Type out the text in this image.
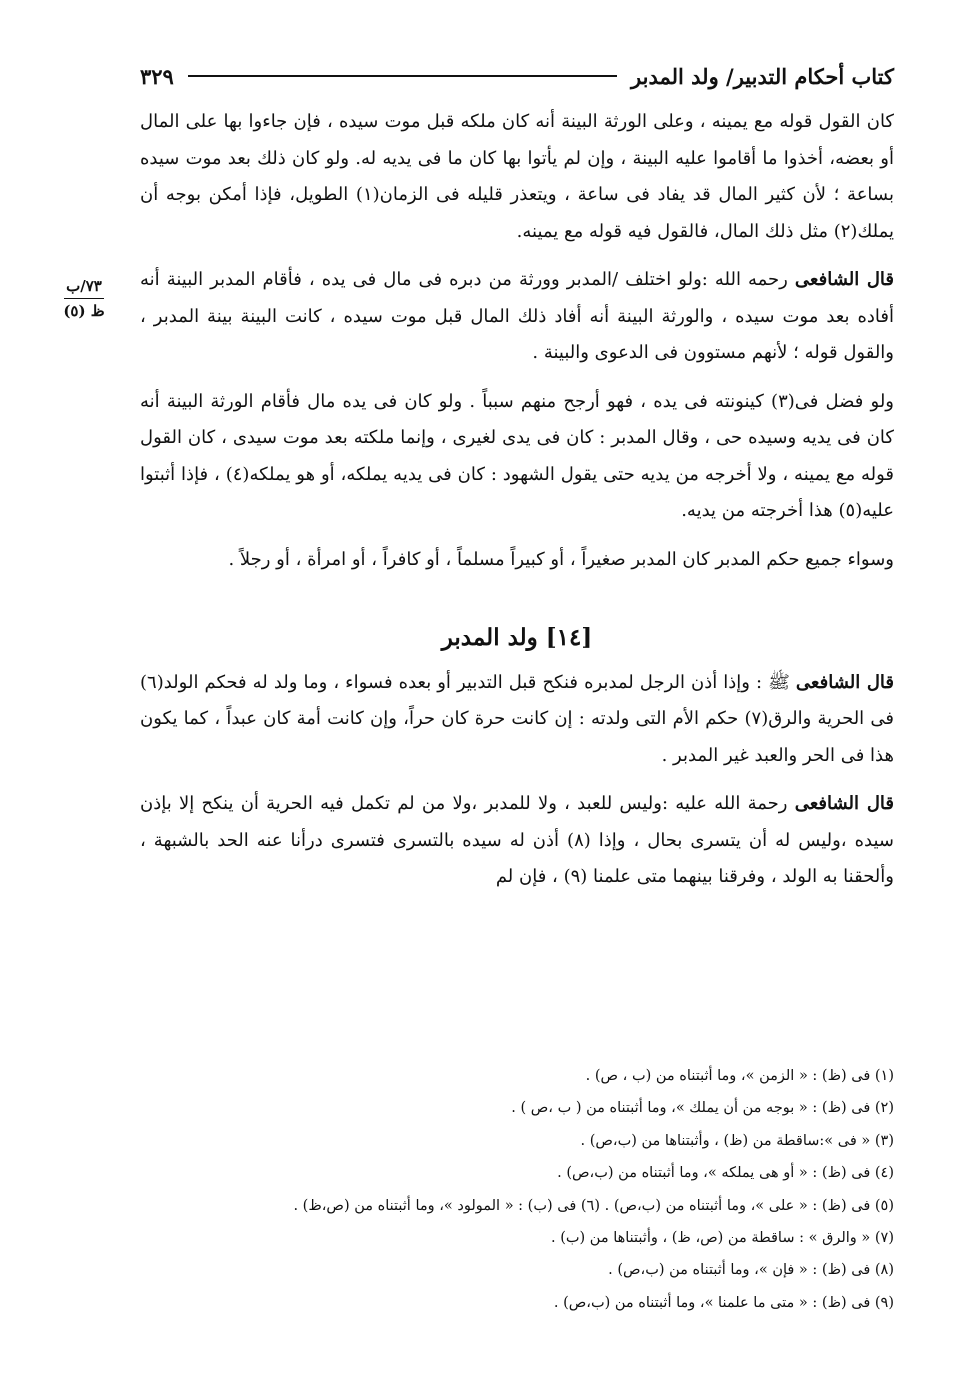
كتاب أحكام التدبير/ ولد المدبر
٣٢٩
٧٣/ب
ظ (٥)

كان القول قوله مع يمينه ، وعلى الورثة البينة أنه كان ملكه قبل موت سيده ، فإن جاءوا بها على المال أو بعضه، أخذوا ما أقاموا عليه البينة ، وإن لم يأتوا بها كان ما فى يديه له. ولو كان ذلك بعد موت سيده بساعة ؛ لأن كثير المال قد يفاد فى ساعة ، ويتعذر قليله فى الزمان(١) الطويل، فإذا أمكن بوجه أن يملك(٢) مثل ذلك المال، فالقول فيه قوله مع يمينه.

قال الشافعى رحمه الله :ولو اختلف /المدبر وورثة من دبره فى مال فى يده ، فأقام المدبر البينة أنه أفاده بعد موت سيده ، والورثة البينة أنه أفاد ذلك المال قبل موت سيده ، كانت البينة بينة المدبر ، والقول قوله ؛ لأنهم مستوون فى الدعوى والبينة .

ولو فضل فى(٣) كينونته فى يده ، فهو أرجح منهم سبباً . ولو كان فى يده مال فأقام الورثة البينة أنه كان فى يديه وسيده حى ، وقال المدبر : كان فى يدى لغيرى ، وإنما ملكته بعد موت سيدى ، كان القول قوله مع يمينه ، ولا أخرجه من يديه حتى يقول الشهود : كان فى يديه يملكه، أو هو يملكه(٤) ، فإذا أثبتوا عليه(٥) هذا أخرجته من يديه.

وسواء جميع حكم المدبر كان المدبر صغيراً ، أو كبيراً مسلماً ، أو كافراً ، أو امرأة ، أو رجلاً .

[١٤] ولد المدبر

قال الشافعى ﷺ : وإذا أذن الرجل لمدبره فنكح قبل التدبير أو بعده فسواء ، وما ولد له فحكم الولد(٦) فى الحرية والرق(٧) حكم الأم التى ولدته : إن كانت حرة كان حراً، وإن كانت أمة كان عبداً ، كما يكون هذا فى الحر والعبد غير المدبر .

قال الشافعى رحمة الله عليه :وليس للعبد ، ولا للمدبر ،ولا من لم تكمل فيه الحرية أن ينكح إلا بإذن سيده ،وليس له أن يتسرى بحال ، وإذا (٨) أذن له سيده بالتسرى فتسرى درأنا عنه الحد بالشبهة ، وألحقنا به الولد ، وفرقنا بينهما متى علمنا (٩) ، فإن لم

(١) فى (ظ) : « الزمن »، وما أثبتناه من (ب ، ص) .
(٢) فى (ظ) : « بوجه من أن يملك »، وما أثبتناه من ( ب ،ص ) .
(٣) « فى »:ساقطة من (ظ) ، وأثبتناها من (ب،ص) .
(٤) فى (ظ) : « أو هى يملكه »، وما أثبتناه من (ب،ص) .
(٥) فى (ظ) : « على »، وما أثبتناه من (ب،ص) . (٦) فى (ب) : « المولود »، وما أثبتناه من (ص،ظ) .
(٧) « والرق » : ساقطة من (ص، ظ) ، وأثبتناها من (ب) .
(٨) فى (ظ) : « فإن »، وما أثبتناه من (ب،ص) .
(٩) فى (ظ) : « متى ما علمنا »، وما أثبتناه من (ب،ص) .
